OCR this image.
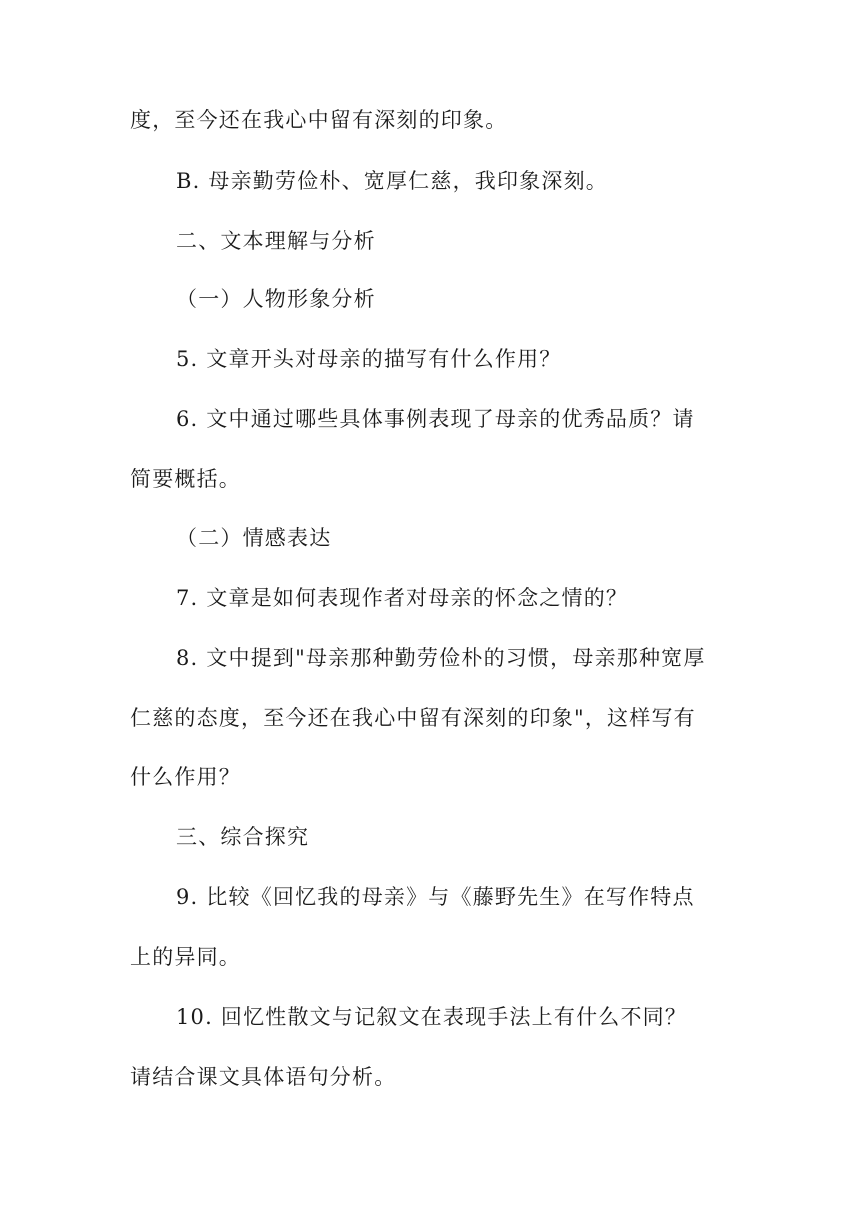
度，至今还在我心中留有深刻的印象。
B. 母亲勤劳俭朴、宽厚仁慈，我印象深刻。
二、文本理解与分析
（一）人物形象分析
5. 文章开头对母亲的描写有什么作用？
6. 文中通过哪些具体事例表现了母亲的优秀品质？请
简要概括。
（二）情感表达
7. 文章是如何表现作者对母亲的怀念之情的？
8. 文中提到"母亲那种勤劳俭朴的习惯，母亲那种宽厚
仁慈的态度，至今还在我心中留有深刻的印象"，这样写有
什么作用？
三、综合探究
9. 比较《回忆我的母亲》与《藤野先生》在写作特点
上的异同。
10. 回忆性散文与记叙文在表现手法上有什么不同？
请结合课文具体语句分析。
